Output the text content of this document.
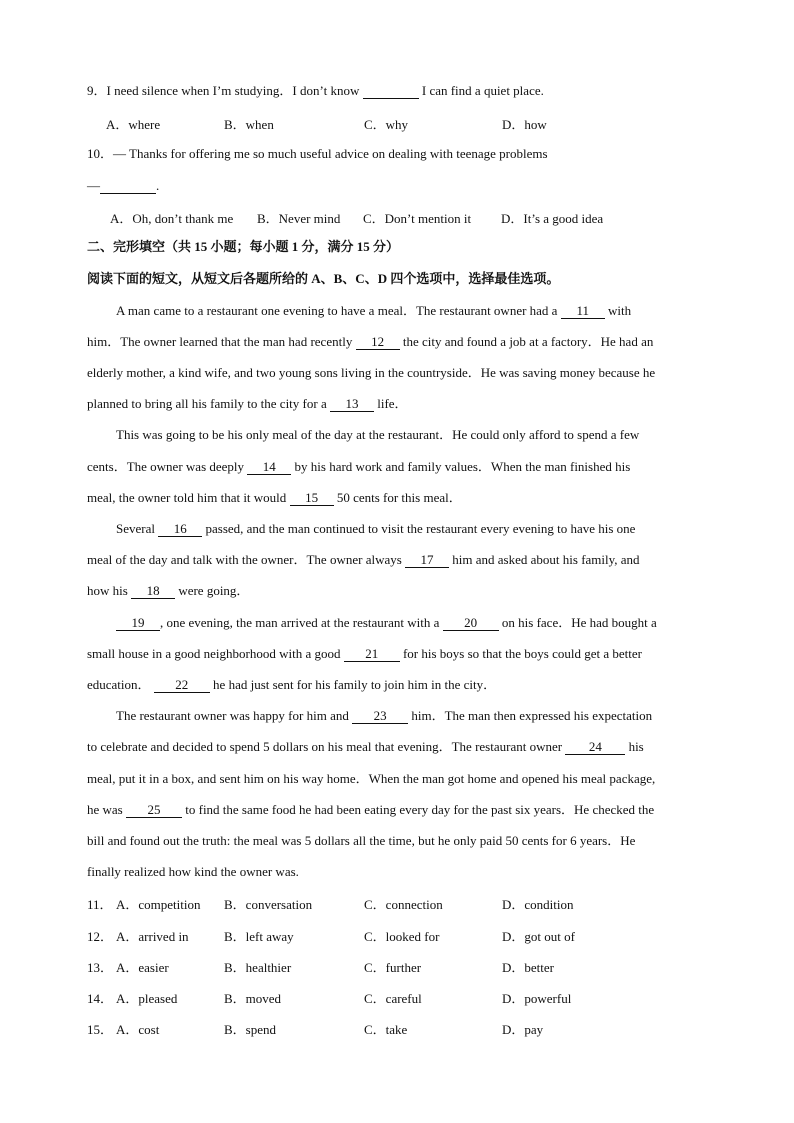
9．I need silence when I’m studying．I don’t know	I can find a quiet place.
A．where	B．when	C．why	D．how
10．— Thanks for offering me so much useful advice on dealing with teenage problems
—	.
A．Oh, don’t thank me B．Never mind C．Don’t mention it D．It’s a good idea
二、完形填空（共 15 小题；每小题 1 分，满分 15 分）
阅读下面的短文，从短文后各题所给的 A、B、C、D 四个选项中，选择最佳选项。
A man came to a restaurant one evening to have a meal．The restaurant owner had a 11 with
him．The owner learned that the man had recently 12 the city and found a job at a factory．He had an
elderly mother, a kind wife, and two young sons living in the countryside．He was saving money because he
planned to bring all his family to the city for a 13 life．
This was going to be his only meal of the day at the restaurant．He could only afford to spend a few
cents．The owner was deeply 14 by his hard work and family values．When the man finished his
meal, the owner told him that it would 15 50 cents for this meal．
Several 16 passed, and the man continued to visit the restaurant every evening to have his one
meal of the day and talk with the owner．The owner always 17 him and asked about his family, and
how his 18 were going．
19 , one evening, the man arrived at the restaurant with a 20 on his face．He had bought a
small house in a good neighborhood with a good 21 for his boys so that the boys could get a better
education． 22 he had just sent for his family to join him in the city．
The restaurant owner was happy for him and 23 him．The man then expressed his expectation
to celebrate and decided to spend 5 dollars on his meal that evening．The restaurant owner 24 his
meal, put it in a box, and sent him on his way home．When the man got home and opened his meal package,
he was 25 to find the same food he had been eating every day for the past six years．He checked the
bill and found out the truth: the meal was 5 dollars all the time, but he only paid 50 cents for 6 years．He
finally realized how kind the owner was.
11． A．competition B．conversation	C．connection	D．condition
12． A．arrived in	B．left away	C．looked for	D．got out of
13． A．easier	B．healthier	C．further	D．better
14． A．pleased	B．moved	C．careful	D．powerful
15． A．cost	B．spend	C．take	D．pay
